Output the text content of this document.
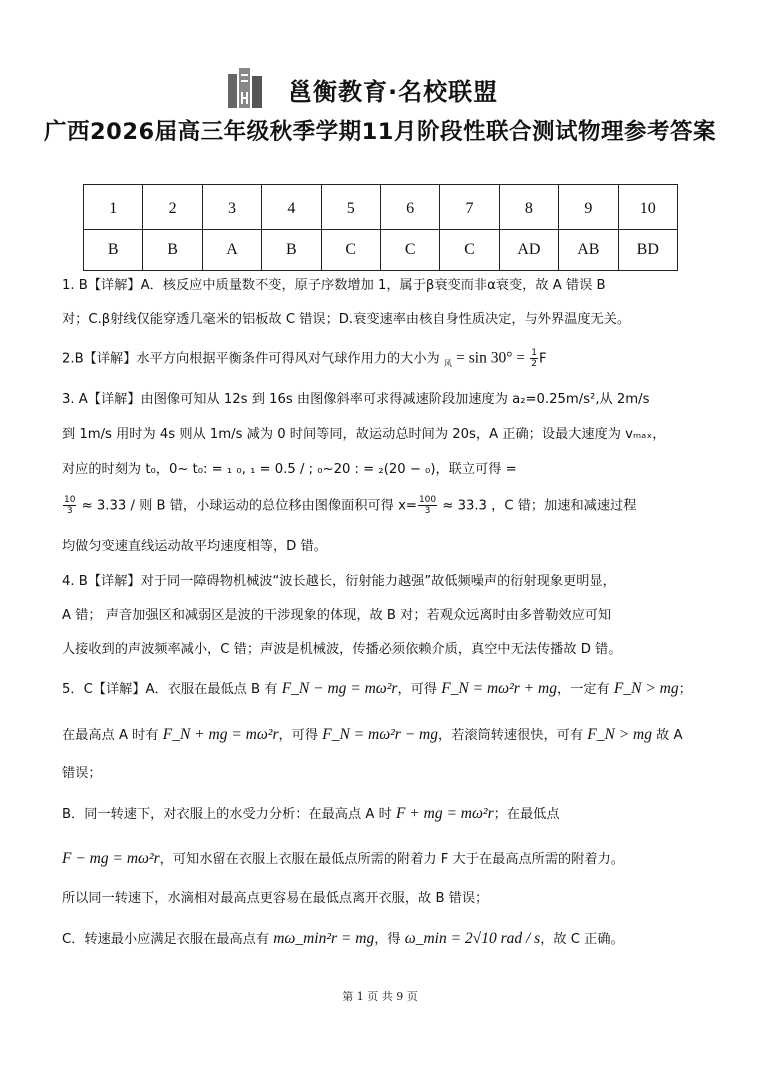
邕衡教育·名校联盟
广西2026届高三年级秋季学期11月阶段性联合测试物理参考答案
1	2	3	4	5	6	7	8	9	10
B	B	A	B	C	C	C	AD	AB	BD
1. B【详解】A．核反应中质量数不变，原子序数增加 1，属于β衰变而非α衰变，故 A 错误 B
对；C.β射线仅能穿透几毫米的铝板故 C 错误；D.衰变速率由核自身性质决定，与外界温度无关。
2.B【详解】水平方向根据平衡条件可得风对气球作用力的大小为 $_风 = \sin 30^\circ = \frac{1}{2}$ F
3. A【详解】由图像可知从 12s 到 16s 由图像斜率可求得减速阶段加速度为 a₂=0.25m/s²,从 2m/s
到 1m/s 用时为 4s 则从 1m/s 减为 0 时间等同，故运动总时间为 20s，A 正确；设最大速度为 vₘₐₓ，
对应的时刻为 t₀，0~ t₀: = ₁ ₀, ₁ = 0.5 / ; ₀~20 : = ₂(20 − ₀)，联立可得 =
$\frac{10}{3} \approx 3.33$ / 则 B 错，小球运动的总位移由图像面积可得 $x= \frac{100}{3} \approx 33.3$ ，C 错；加速和减速过程
均做匀变速直线运动故平均速度相等，D 错。
4. B【详解】对于同一障碍物机械波“波长越长，衍射能力越强”故低频噪声的衍射现象更明显，
A 错； 声音加强区和减弱区是波的干涉现象的体现，故 B 对；若观众远离时由多普勒效应可知
人接收到的声波频率减小，C 错；声波是机械波，传播必须依赖介质，真空中无法传播故 D 错。
5．C【详解】A．衣服在最低点 B 有 F_N − mg = mω²r，可得 F_N = mω²r + mg，一定有 F_N > mg；
在最高点 A 时有 F_N + mg = mω²r，可得 F_N = mω²r − mg，若滚筒转速很快，可有 F_N > mg 故 A
错误；
B．同一转速下，对衣服上的水受力分析：在最高点 A 时 F + mg = mω²r；在最低点
F − mg = mω²r，可知水留在衣服上衣服在最低点所需的附着力 F 大于在最高点所需的附着力。
所以同一转速下，水滴相对最高点更容易在最低点离开衣服，故 B 错误；
C．转速最小应满足衣服在最高点有 mω_min²r = mg，得 ω_min = 2√10 rad / s，故 C 正确。
第 1 页 共 9 页
